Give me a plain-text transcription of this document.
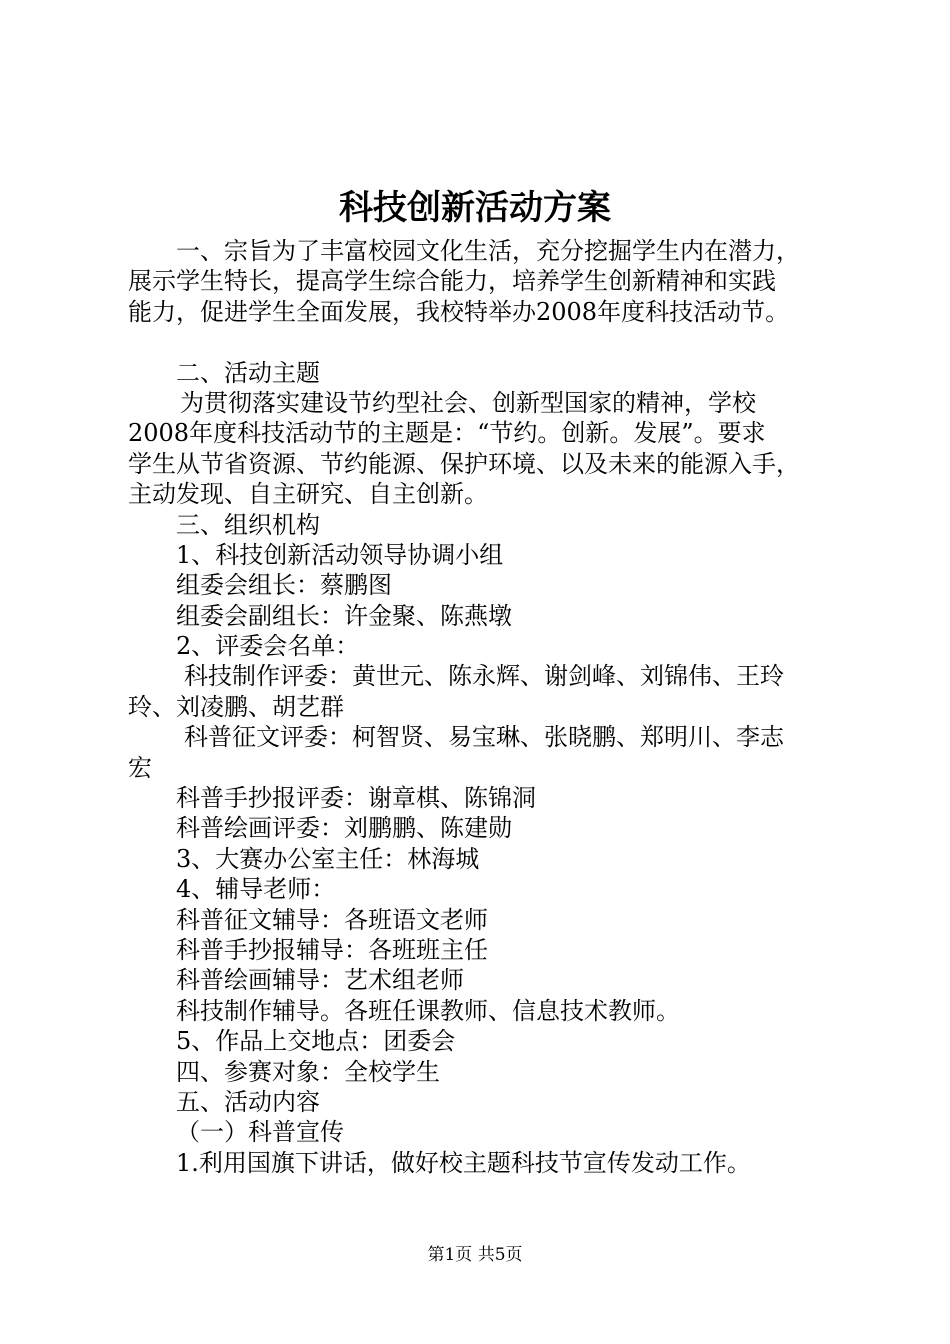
科技创新活动方案
一、宗旨为了丰富校园文化生活，充分挖掘学生内在潜力，
展示学生特长，提高学生综合能力，培养学生创新精神和实践
能力，促进学生全面发展，我校特举办2008年度科技活动节。
二、活动主题
为贯彻落实建设节约型社会、创新型国家的精神，学校
2008年度科技活动节的主题是：“节约。创新。发展”。要求
学生从节省资源、节约能源、保护环境、以及未来的能源入手，
主动发现、自主研究、自主创新。
三、组织机构
1、科技创新活动领导协调小组
组委会组长：蔡鹏图
组委会副组长：许金聚、陈燕墩
2、评委会名单：
科技制作评委：黄世元、陈永辉、谢剑峰、刘锦伟、王玲
玲、刘凌鹏、胡艺群
科普征文评委：柯智贤、易宝琳、张晓鹏、郑明川、李志
宏
科普手抄报评委：谢章棋、陈锦洞
科普绘画评委：刘鹏鹏、陈建勋
3、大赛办公室主任：林海城
4、辅导老师：
科普征文辅导：各班语文老师
科普手抄报辅导：各班班主任
科普绘画辅导：艺术组老师
科技制作辅导。各班任课教师、信息技术教师。
5、作品上交地点：团委会
四、参赛对象：全校学生
五、活动内容
（一）科普宣传
1.利用国旗下讲话，做好校主题科技节宣传发动工作。
第1页 共5页
